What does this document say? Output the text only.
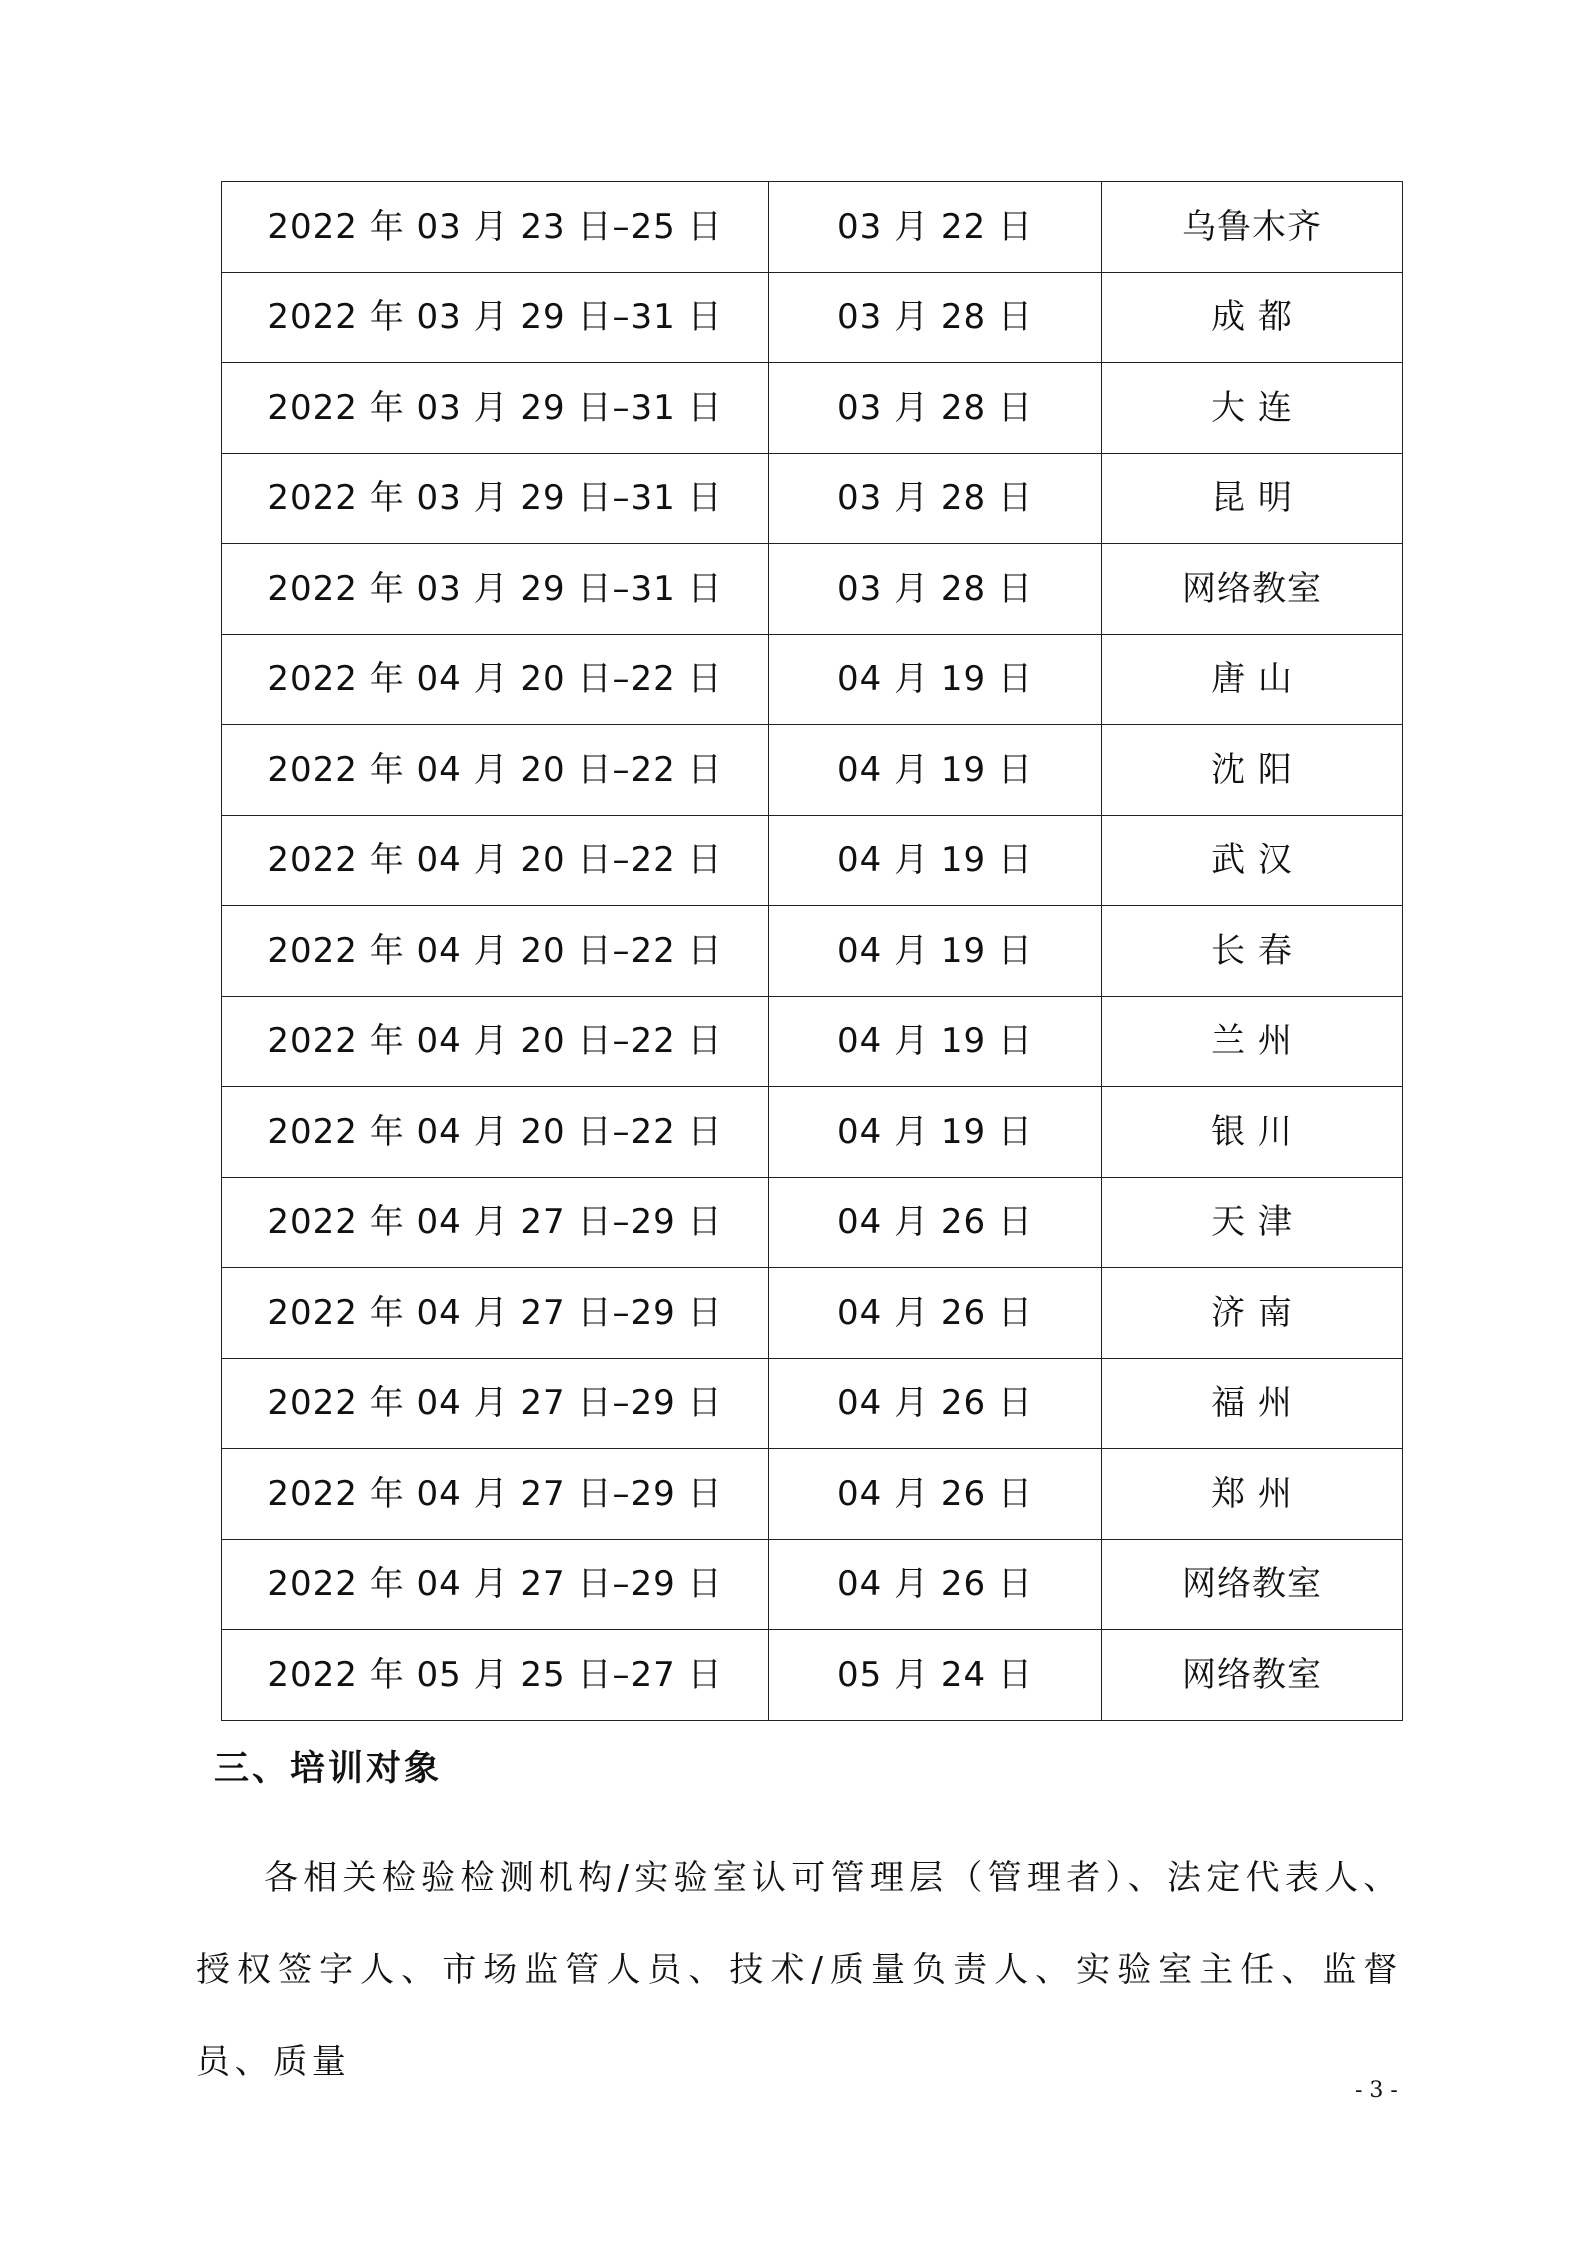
2022 年 03 月 23 日–25 日	03 月 22 日	乌鲁木齐
2022 年 03 月 29 日–31 日	03 月 28 日	成 都
2022 年 03 月 29 日–31 日	03 月 28 日	大 连
2022 年 03 月 29 日–31 日	03 月 28 日	昆 明
2022 年 03 月 29 日–31 日	03 月 28 日	网络教室
2022 年 04 月 20 日–22 日	04 月 19 日	唐 山
2022 年 04 月 20 日–22 日	04 月 19 日	沈 阳
2022 年 04 月 20 日–22 日	04 月 19 日	武 汉
2022 年 04 月 20 日–22 日	04 月 19 日	长 春
2022 年 04 月 20 日–22 日	04 月 19 日	兰 州
2022 年 04 月 20 日–22 日	04 月 19 日	银 川
2022 年 04 月 27 日–29 日	04 月 26 日	天 津
2022 年 04 月 27 日–29 日	04 月 26 日	济 南
2022 年 04 月 27 日–29 日	04 月 26 日	福 州
2022 年 04 月 27 日–29 日	04 月 26 日	郑 州
2022 年 04 月 27 日–29 日	04 月 26 日	网络教室
2022 年 05 月 25 日–27 日	05 月 24 日	网络教室
三、培训对象

各相关检验检测机构/实验室认可管理层（管理者）、法定代表人、授权签字人、市场监管人员、技术/质量负责人、实验室主任、监督员、质量

- 3 -
